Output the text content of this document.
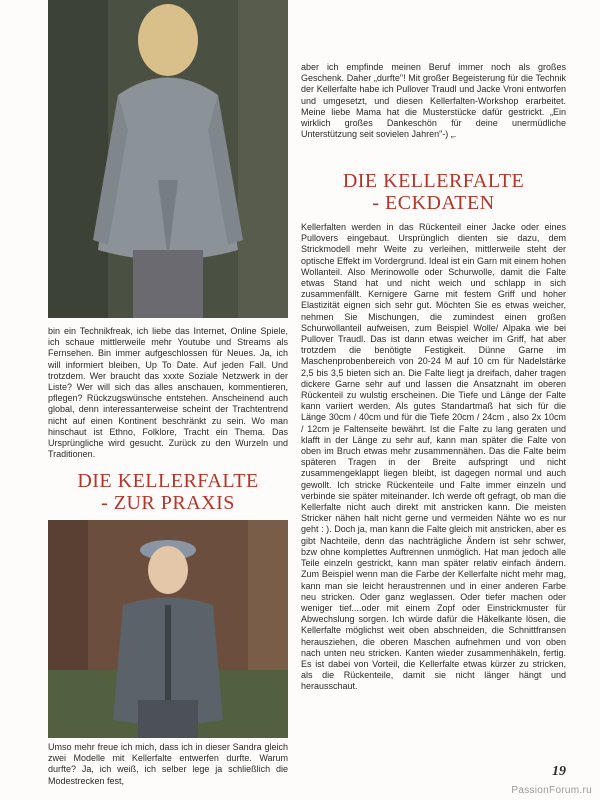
bin ein Technikfreak, ich liebe das Internet, Online Spiele, ich schaue mittlerweile mehr Youtube und Streams als Fernsehen. Bin immer aufgeschlossen für Neues. Ja, ich will informiert bleiben, Up To Date. Auf jeden Fall. Und trotzdem. Wer braucht das xxxte Soziale Netzwerk in der Liste? Wer will sich das alles anschauen, kommentieren, pflegen? Rückzugswünsche entstehen. Anscheinend auch global, denn interessanterweise scheint der Trachtentrend nicht auf einen Kontinent beschränkt zu sein. Wo man hinschaut ist Ethno, Folklore, Tracht ein Thema. Das Ursprüngliche wird gesucht. Zurück zu den Wurzeln und Traditionen.

DIE KELLERFALTE
- ZUR PRAXIS

Umso mehr freue ich mich, dass ich in dieser Sandra gleich zwei Modelle mit Kellerfalte entwerfen durfte. Warum durfte? Ja, ich weiß, ich selber lege ja schließlich die Modestrecken fest,

aber ich empfinde meinen Beruf immer noch als großes Geschenk. Daher „durfte"! Mit großer Begeisterung für die Technik der Kellerfalte habe ich Pullover Traudl und Jacke Vroni entworfen und umgesetzt, und diesen Kellerfalten-Workshop erarbeitet. Meine liebe Mama hat die Musterstücke dafür gestrickt. „Ein wirklich großes Dankeschön für deine unermüdliche Unterstützung seit sovielen Jahren"-) „.

DIE KELLERFALTE
- ECKDATEN

Kellerfalten werden in das Rückenteil einer Jacke oder eines Pullovers eingebaut. Ursprünglich dienten sie dazu, dem Strickmodell mehr Weite zu verleihen, mittlerweile steht der optische Effekt im Vordergrund. Ideal ist ein Garn mit einem hohen Wollanteil. Also Merinowolle oder Schurwolle, damit die Falte etwas Stand hat und nicht weich und schlapp in sich zusammenfällt. Kernigere Garne mit festem Griff und hoher Elastizität eignen sich sehr gut. Möchten Sie es etwas weicher, nehmen Sie Mischungen, die zumindest einen großen Schurwollanteil aufweisen, zum Beispiel Wolle/ Alpaka wie bei Pullover Traudl. Das ist dann etwas weicher im Griff, hat aber trotzdem die benötigte Festigkeit. Dünne Garne im Maschenprobenbereich von 20-24 M auf 10 cm für Nadelstärke 2,5 bis 3,5 bieten sich an. Die Falte liegt ja dreifach, daher tragen dickere Garne sehr auf und lassen die Ansatznaht im oberen Rückenteil zu wulstig erscheinen. Die Tiefe und Länge der Falte kann variiert werden. Als gutes Standartmaß hat sich für die Länge 30cm / 40cm und für die Tiefe 20cm / 24cm , also 2x 10cm / 12cm je Faltenseite bewährt. Ist die Falte zu lang geraten und klafft in der Länge zu sehr auf, kann man später die Falte von oben im Bruch etwas mehr zusammennähen. Das die Falte beim späteren Tragen in der Breite aufspringt und nicht zusammengeklappt liegen bleibt, ist dagegen normal und auch gewollt. Ich stricke Rückenteile und Falte immer einzeln und verbinde sie später miteinander. Ich werde oft gefragt, ob man die Kellerfalte nicht auch direkt mit anstricken kann. Die meisten Stricker nähen halt nicht gerne und vermeiden Nähte wo es nur geht : ). Doch ja, man kann die Falte gleich mit anstricken, aber es gibt Nachteile, denn das nachträgliche Ändern ist sehr schwer, bzw ohne komplettes Auftrennen unmöglich. Hat man jedoch alle Teile einzeln gestrickt, kann man später relativ einfach ändern. Zum Beispiel wenn man die Farbe der Kellerfalte nicht mehr mag, kann man sie leicht heraustrennen und in einer anderen Farbe neu stricken. Oder ganz weglassen. Oder tiefer machen oder weniger tief....oder mit einem Zopf oder Einstrickmuster für Abwechslung sorgen. Ich würde dafür die Häkelkante lösen, die Kellerfalte möglichst weit oben abschneiden, die Schnittfransen herausziehen, die oberen Maschen aufnehmen und von oben nach unten neu stricken. Kanten wieder zusammenhäkeln, fertig. Es ist dabei von Vorteil, die Kellerfalte etwas kürzer zu stricken, als die Rückenteile, damit sie nicht länger hängt und herausschaut.

19
PassionForum.ru
